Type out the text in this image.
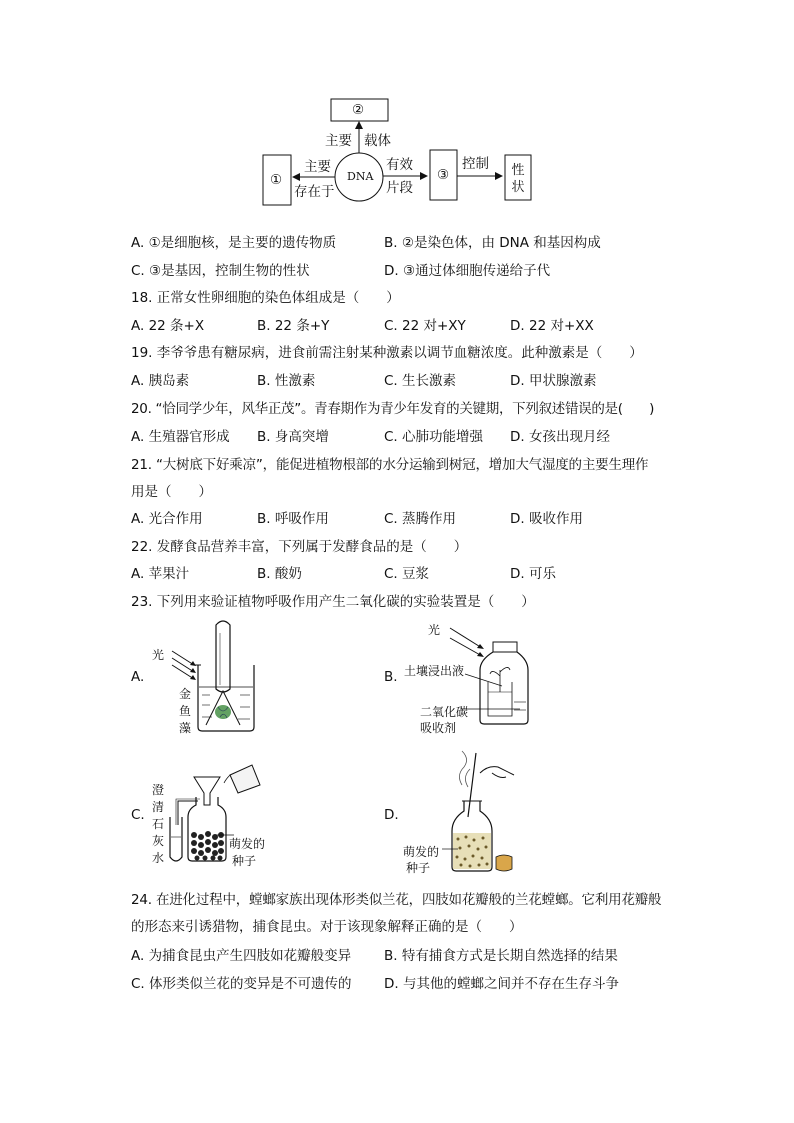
②
①	③
DNA
主要 载体
主要
存在于
有效
片段
控制 性状
A. ①是细胞核，是主要的遗传物质	B. ②是染色体，由 DNA 和基因构成
C. ③是基因，控制生物的性状	D. ③通过体细胞传递给子代
18. 正常女性卵细胞的染色体组成是（　　）
A. 22 条+X	B. 22 条+Y	C. 22 对+XY	D. 22 对+XX
19. 李爷爷患有糖尿病，进食前需注射某种激素以调节血糖浓度。此种激素是（　　）
A. 胰岛素	B. 性激素	C. 生长激素	D. 甲状腺激素
20. “恰同学少年，风华正茂”。青春期作为青少年发育的关键期，下列叙述错误的是(　　)
A. 生殖器官形成 B. 身高突增	C. 心肺功能增强 D. 女孩出现月经
21. “大树底下好乘凉”，能促进植物根部的水分运输到树冠，增加大气湿度的主要生理作
用是（　　）
A. 光合作用	B. 呼吸作用	C. 蒸腾作用	D. 吸收作用
22. 发酵食品营养丰富，下列属于发酵食品的是（　　）
A. 苹果汁	B. 酸奶	C. 豆浆	D. 可乐
23. 下列用来验证植物呼吸作用产生二氧化碳的实验装置是（　　）
A.
光
金鱼藻
B.
光
土壤浸出液
二氧化碳
吸收剂
C.
澄清石灰水
萌发的
种子
D.
萌发的
种子
24. 在进化过程中，螳螂家族出现体形类似兰花，四肢如花瓣般的兰花螳螂。它利用花瓣般
的形态来引诱猎物，捕食昆虫。对于该现象解释正确的是（　　）
A. 为捕食昆虫产生四肢如花瓣般变异 B. 特有捕食方式是长期自然选择的结果
C. 体形类似兰花的变异是不可遗传的 D. 与其他的螳螂之间并不存在生存斗争
